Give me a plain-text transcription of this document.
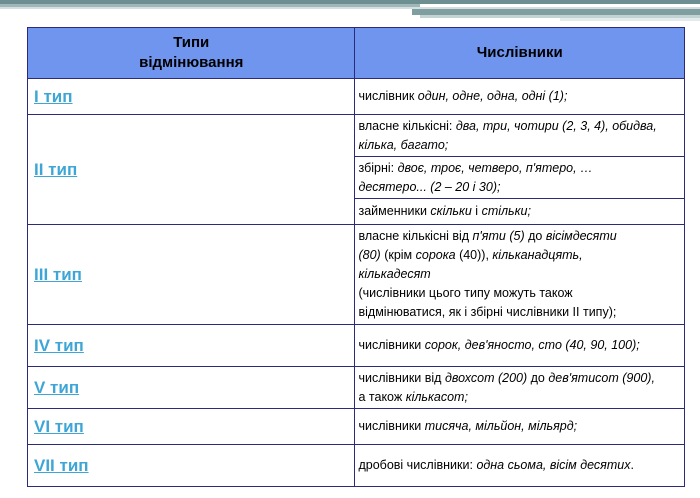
Типи
відмінювання	Числівники
І тип	числівник один, одне, одна, одні (1);
ІІ тип	власне кількісні: два, три, чотири (2, 3, 4), обидва,
кілька, багато;
	збірні: двоє, троє, четверо, п'ятеро, …
десятеро... (2 – 20 і 30);
	займенники скільки і стільки;
ІІІ тип	власне кількісні від п'яти (5) до вісімдесяти
(80) (крім сорока (40)), кільканадцять,
кількадесят
(числівники цього типу можуть також
відмінюватися, як і збірні числівники ІІ типу);
ІV тип	числівники сорок, дев'яносто, сто (40, 90, 100);
V тип	числівники від двохсот (200) до дев'ятисот (900),
а також кількасот;
VІ тип	числівники тисяча, мільйон, мільярд;
VІІ тип	дробові числівники: одна сьома, вісім десятих.
